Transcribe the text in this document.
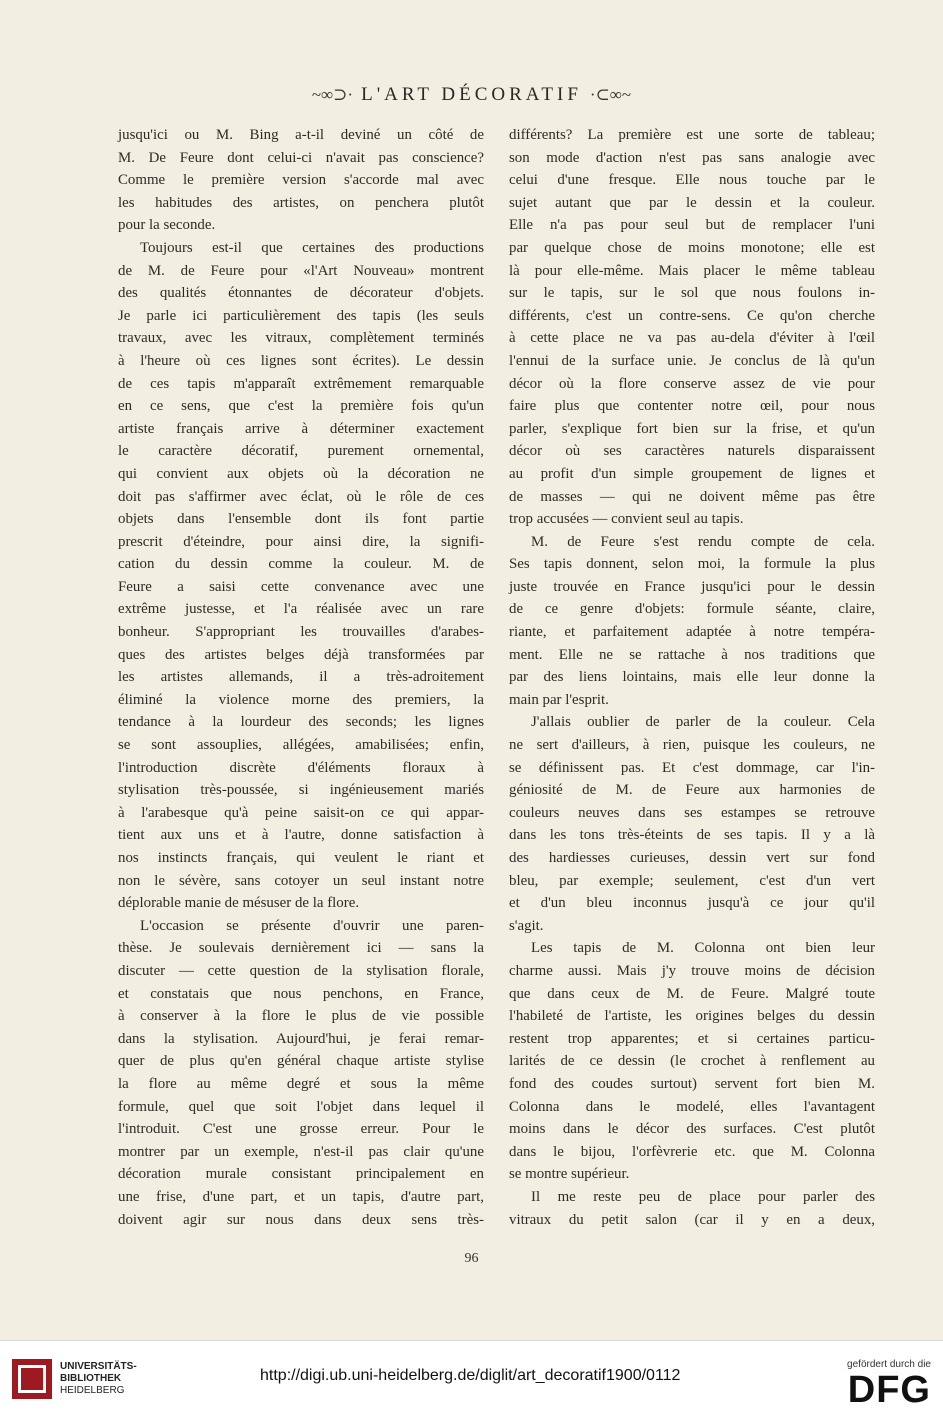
~∞⊃· L'ART DÉCORATIF ·⊂∞~

jusqu'ici ou M. Bing a-t-il deviné un côté de
M. De Feure dont celui-ci n'avait pas conscience?
Comme le première version s'accorde mal avec
les habitudes des artistes, on penchera plutôt
pour la seconde.

Toujours est-il que certaines des productions
de M. de Feure pour «l'Art Nouveau» montrent
des qualités étonnantes de décorateur d'objets.
Je parle ici particulièrement des tapis (les seuls
travaux, avec les vitraux, complètement terminés
à l'heure où ces lignes sont écrites). Le dessin
de ces tapis m'apparaît extrêmement remarquable
en ce sens, que c'est la première fois qu'un
artiste français arrive à déterminer exactement
le caractère décoratif, purement ornemental,
qui convient aux objets où la décoration ne
doit pas s'affirmer avec éclat, où le rôle de ces
objets dans l'ensemble dont ils font partie
prescrit d'éteindre, pour ainsi dire, la signifi-
cation du dessin comme la couleur. M. de
Feure a saisi cette convenance avec une
extrême justesse, et l'a réalisée avec un rare
bonheur. S'appropriant les trouvailles d'arabes-
ques des artistes belges déjà transformées par
les artistes allemands, il a très-adroitement
éliminé la violence morne des premiers, la
tendance à la lourdeur des seconds; les lignes
se sont assouplies, allégées, amabilisées; enfin,
l'introduction discrète d'éléments floraux à
stylisation très-poussée, si ingénieusement mariés
à l'arabesque qu'à peine saisit-on ce qui appar-
tient aux uns et à l'autre, donne satisfaction à
nos instincts français, qui veulent le riant et
non le sévère, sans cotoyer un seul instant notre
déplorable manie de mésuser de la flore.

L'occasion se présente d'ouvrir une paren-
thèse. Je soulevais dernièrement ici — sans la
discuter — cette question de la stylisation florale,
et constatais que nous penchons, en France,
à conserver à la flore le plus de vie possible
dans la stylisation. Aujourd'hui, je ferai remar-
quer de plus qu'en général chaque artiste stylise
la flore au même degré et sous la même
formule, quel que soit l'objet dans lequel il
l'introduit. C'est une grosse erreur. Pour le
montrer par un exemple, n'est-il pas clair qu'une
décoration murale consistant principalement en
une frise, d'une part, et un tapis, d'autre part,
doivent agir sur nous dans deux sens très-

différents? La première est une sorte de tableau;
son mode d'action n'est pas sans analogie avec
celui d'une fresque. Elle nous touche par le
sujet autant que par le dessin et la couleur.
Elle n'a pas pour seul but de remplacer l'uni
par quelque chose de moins monotone; elle est
là pour elle-même. Mais placer le même tableau
sur le tapis, sur le sol que nous foulons in-
différents, c'est un contre-sens. Ce qu'on cherche
à cette place ne va pas au-dela d'éviter à l'œil
l'ennui de la surface unie. Je conclus de là qu'un
décor où la flore conserve assez de vie pour
faire plus que contenter notre œil, pour nous
parler, s'explique fort bien sur la frise, et qu'un
décor où ses caractères naturels disparaissent
au profit d'un simple groupement de lignes et
de masses — qui ne doivent même pas être
trop accusées — convient seul au tapis.

M. de Feure s'est rendu compte de cela.
Ses tapis donnent, selon moi, la formule la plus
juste trouvée en France jusqu'ici pour le dessin
de ce genre d'objets: formule séante, claire,
riante, et parfaitement adaptée à notre tempéra-
ment. Elle ne se rattache à nos traditions que
par des liens lointains, mais elle leur donne la
main par l'esprit.

J'allais oublier de parler de la couleur. Cela
ne sert d'ailleurs, à rien, puisque les couleurs, ne
se définissent pas. Et c'est dommage, car l'in-
géniosité de M. de Feure aux harmonies de
couleurs neuves dans ses estampes se retrouve
dans les tons très-éteints de ses tapis. Il y a là
des hardiesses curieuses, dessin vert sur fond
bleu, par exemple; seulement, c'est d'un vert
et d'un bleu inconnus jusqu'à ce jour qu'il
s'agit.

Les tapis de M. Colonna ont bien leur
charme aussi. Mais j'y trouve moins de décision
que dans ceux de M. de Feure. Malgré toute
l'habileté de l'artiste, les origines belges du dessin
restent trop apparentes; et si certaines particu-
larités de ce dessin (le crochet à renflement au
fond des coudes surtout) servent fort bien M.
Colonna dans le modelé, elles l'avantagent
moins dans le décor des surfaces. C'est plutôt
dans le bijou, l'orfèvrerie etc. que M. Colonna
se montre supérieur.

Il me reste peu de place pour parler des
vitraux du petit salon (car il y en a deux,

96
UNIVERSITÄTS-
BIBLIOTHEK
HEIDELBERG
http://digi.ub.uni-heidelberg.de/diglit/art_decoratif1900/0112
gefördert durch die
DFG
